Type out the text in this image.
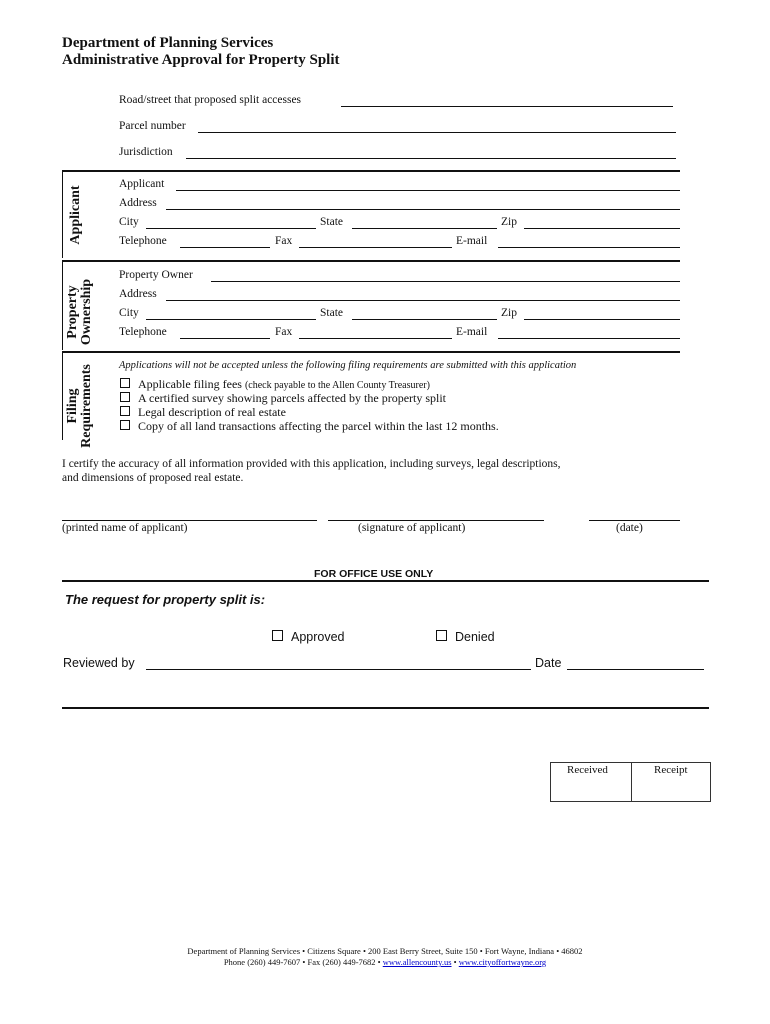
Department of Planning Services
Administrative Approval for Property Split
Road/street that proposed split accesses
Parcel number
Jurisdiction
Applicant
Applicant
Address
City	State	Zip
Telephone	Fax	E-mail
Property
Ownership
Property Owner
Address
City	State	Zip
Telephone	Fax	E-mail
Filing
Requirements Applications will not be accepted unless the following filing requirements are submitted with this application
Applicable filing fees (check payable to the Allen County Treasurer)
A certified survey showing parcels affected by the property split
Legal description of real estate
Copy of all land transactions affecting the parcel within the last 12 months.
I certify the accuracy of all information provided with this application, including surveys, legal descriptions,
and dimensions of proposed real estate.
(printed name of applicant)	(signature of applicant)	(date)
FOR OFFICE USE ONLY
The request for property split is:
Approved	Denied
Reviewed by	Date
Received	Receipt
Department of Planning Services • Citizens Square • 200 East Berry Street, Suite 150 • Fort Wayne, Indiana • 46802
Phone (260) 449-7607 • Fax (260) 449-7682 • www.allencounty.us • www.cityoffortwayne.org
